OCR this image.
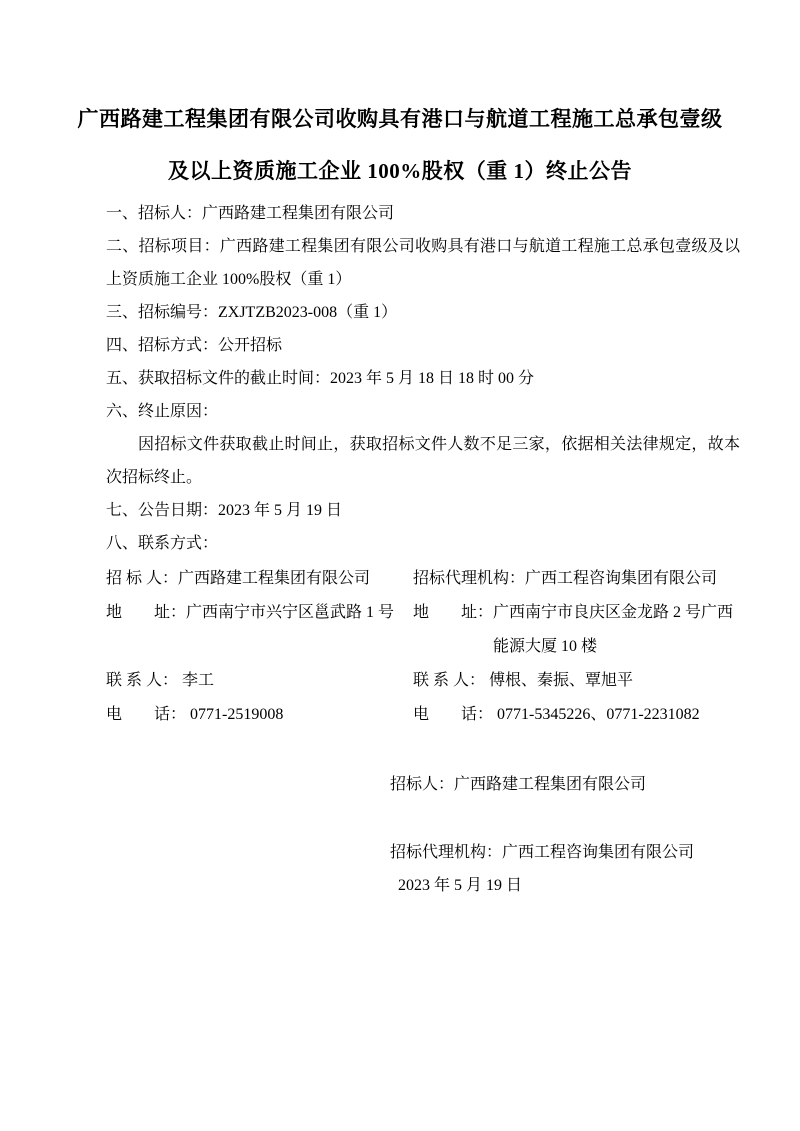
广西路建工程集团有限公司收购具有港口与航道工程施工总承包壹级
及以上资质施工企业 100%股权（重 1）终止公告

一、招标人：广西路建工程集团有限公司

二、招标项目：广西路建工程集团有限公司收购具有港口与航道工程施工总承包壹级及以上资质施工企业 100%股权（重 1）

三、招标编号：ZXJTZB2023-008（重 1）

四、招标方式：公开招标

五、获取招标文件的截止时间：2023 年 5 月 18 日 18 时 00 分

六、终止原因：

因招标文件获取截止时间止，获取招标文件人数不足三家，依据相关法律规定，故本次招标终止。

七、公告日期：2023 年 5 月 19 日

八、联系方式：

招 标 人：广西路建工程集团有限公司	招标代理机构：广西工程咨询集团有限公司

地　　址：广西南宁市兴宁区邕武路 1 号	地　　址：广西南宁市良庆区金龙路 2 号广西能源大厦 10 楼

联 系 人： 李工	联 系 人： 傅根、秦振、覃旭平

电　　话： 0771-2519008	电　　话： 0771-5345226、0771-2231082

招标人：广西路建工程集团有限公司

招标代理机构：广西工程咨询集团有限公司

2023 年 5 月 19 日
